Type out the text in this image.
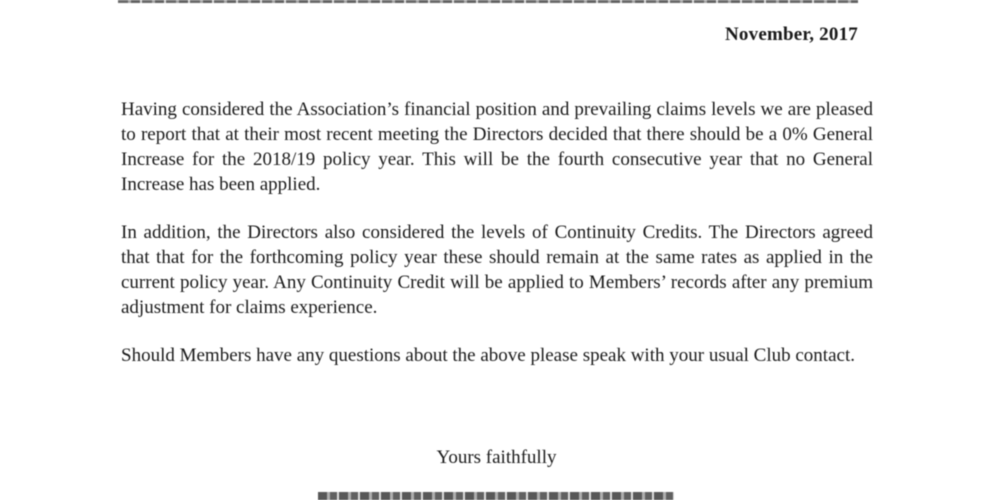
November, 2017

Having considered the Association’s financial position and prevailing claims levels we are pleased to report that at their most recent meeting the Directors decided that there should be a 0% General Increase for the 2018/19 policy year. This will be the fourth consecutive year that no General Increase has been applied.

In addition, the Directors also considered the levels of Continuity Credits. The Directors agreed that that for the forthcoming policy year these should remain at the same rates as applied in the current policy year. Any Continuity Credit will be applied to Members’ records after any premium adjustment for claims experience.

Should Members have any questions about the above please speak with your usual Club contact.

Yours faithfully
